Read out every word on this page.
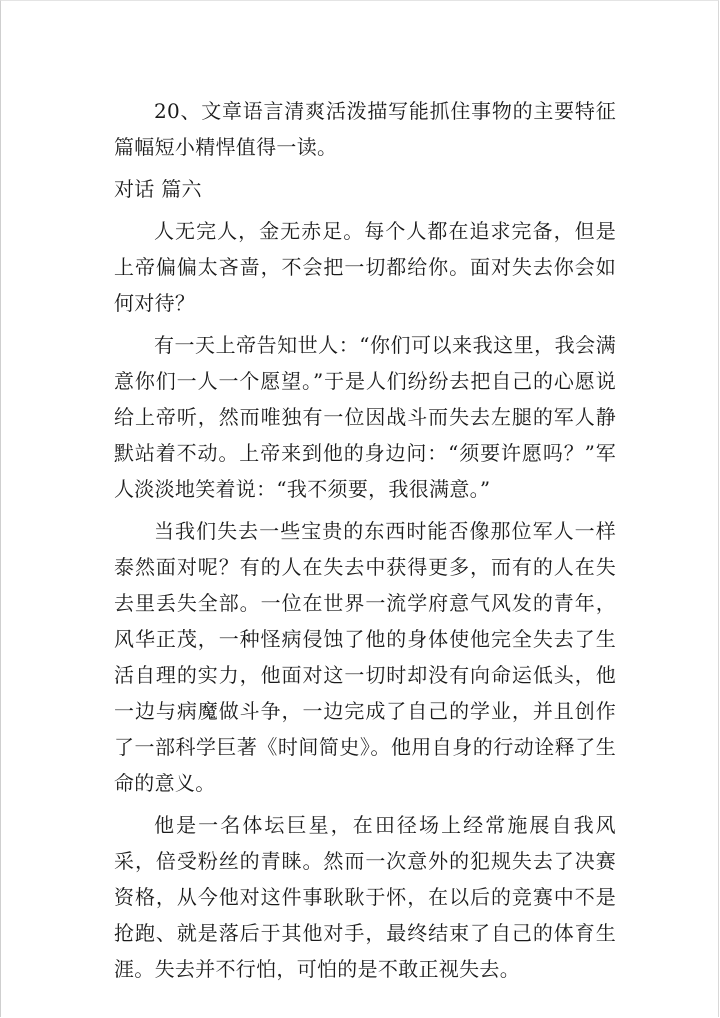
20、文章语言清爽活泼描写能抓住事物的主要特征篇幅短小精悍值得一读。

对话 篇六

人无完人，金无赤足。每个人都在追求完备，但是上帝偏偏太吝啬，不会把一切都给你。面对失去你会如何对待？

有一天上帝告知世人：“你们可以来我这里，我会满意你们一人一个愿望。”于是人们纷纷去把自己的心愿说给上帝听，然而唯独有一位因战斗而失去左腿的军人静默站着不动。上帝来到他的身边问：“须要许愿吗？”军人淡淡地笑着说：“我不须要，我很满意。”

当我们失去一些宝贵的东西时能否像那位军人一样泰然面对呢？有的人在失去中获得更多，而有的人在失去里丢失全部。一位在世界一流学府意气风发的青年，风华正茂，一种怪病侵蚀了他的身体使他完全失去了生活自理的实力，他面对这一切时却没有向命运低头，他一边与病魔做斗争，一边完成了自己的学业，并且创作了一部科学巨著《时间简史》。他用自身的行动诠释了生命的意义。

他是一名体坛巨星，在田径场上经常施展自我风采，倍受粉丝的青睐。然而一次意外的犯规失去了决赛资格，从今他对这件事耿耿于怀，在以后的竞赛中不是抢跑、就是落后于其他对手，最终结束了自己的体育生涯。失去并不行怕，可怕的是不敢正视失去。
